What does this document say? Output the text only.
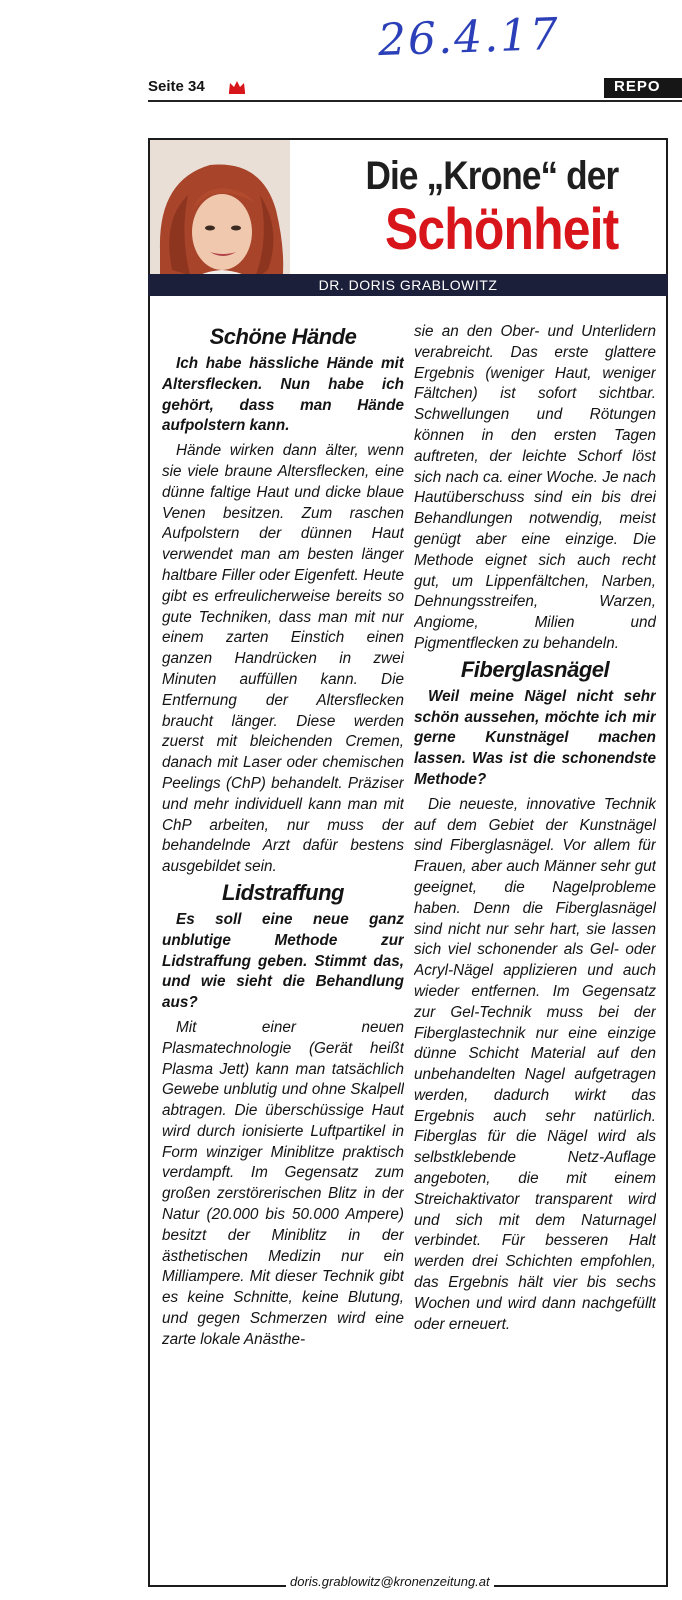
26.4.17
Seite 34	REPO
Die „Krone“ der
Schönheit
DR. DORIS GRABLOWITZ
Schöne Hände

Ich habe hässliche Hände mit Altersflecken. Nun habe ich gehört, dass man Hände aufpolstern kann.

Hände wirken dann älter, wenn sie viele braune Altersflecken, eine dünne faltige Haut und dicke blaue Venen besitzen. Zum raschen Aufpolstern der dünnen Haut verwendet man am besten länger haltbare Filler oder Eigenfett. Heute gibt es erfreulicherweise bereits so gute Techniken, dass man mit nur einem zarten Einstich einen ganzen Handrücken in zwei Minuten auffüllen kann. Die Entfernung der Altersflecken braucht länger. Diese werden zuerst mit bleichenden Cremen, danach mit Laser oder chemischen Peelings (ChP) behandelt. Präziser und mehr individuell kann man mit ChP arbeiten, nur muss der behandelnde Arzt dafür bestens ausgebildet sein.

Lidstraffung

Es soll eine neue ganz unblutige Methode zur Lidstraffung geben. Stimmt das, und wie sieht die Behandlung aus?

Mit einer neuen Plasmatechnologie (Gerät heißt Plasma Jett) kann man tatsächlich Gewebe unblutig und ohne Skalpell abtragen. Die überschüssige Haut wird durch ionisierte Luftpartikel in Form winziger Miniblitze praktisch verdampft. Im Gegensatz zum großen zerstörerischen Blitz in der Natur (20.000 bis 50.000 Ampere) besitzt der Miniblitz in der ästhetischen Medizin nur ein Milliampere. Mit dieser Technik gibt es keine Schnitte, keine Blutung, und gegen Schmerzen wird eine zarte lokale Anästhe-

sie an den Ober- und Unterlidern verabreicht. Das erste glattere Ergebnis (weniger Haut, weniger Fältchen) ist sofort sichtbar. Schwellungen und Rötungen können in den ersten Tagen auftreten, der leichte Schorf löst sich nach ca. einer Woche. Je nach Hautüberschuss sind ein bis drei Behandlungen notwendig, meist genügt aber eine einzige. Die Methode eignet sich auch recht gut, um Lippenfältchen, Narben, Dehnungsstreifen, Warzen, Angiome, Milien und Pigmentflecken zu behandeln.

Fiberglasnägel

Weil meine Nägel nicht sehr schön aussehen, möchte ich mir gerne Kunstnägel machen lassen. Was ist die schonendste Methode?

Die neueste, innovative Technik auf dem Gebiet der Kunstnägel sind Fiberglasnägel. Vor allem für Frauen, aber auch Männer sehr gut geeignet, die Nagelprobleme haben. Denn die Fiberglasnägel sind nicht nur sehr hart, sie lassen sich viel schonender als Gel- oder Acryl-Nägel applizieren und auch wieder entfernen. Im Gegensatz zur Gel-Technik muss bei der Fiberglastechnik nur eine einzige dünne Schicht Material auf den unbehandelten Nagel aufgetragen werden, dadurch wirkt das Ergebnis auch sehr natürlich. Fiberglas für die Nägel wird als selbstklebende Netz-Auflage angeboten, die mit einem Streichaktivator transparent wird und sich mit dem Naturnagel verbindet. Für besseren Halt werden drei Schichten empfohlen, das Ergebnis hält vier bis sechs Wochen und wird dann nachgefüllt oder erneuert.

doris.grablowitz@kronenzeitung.at
